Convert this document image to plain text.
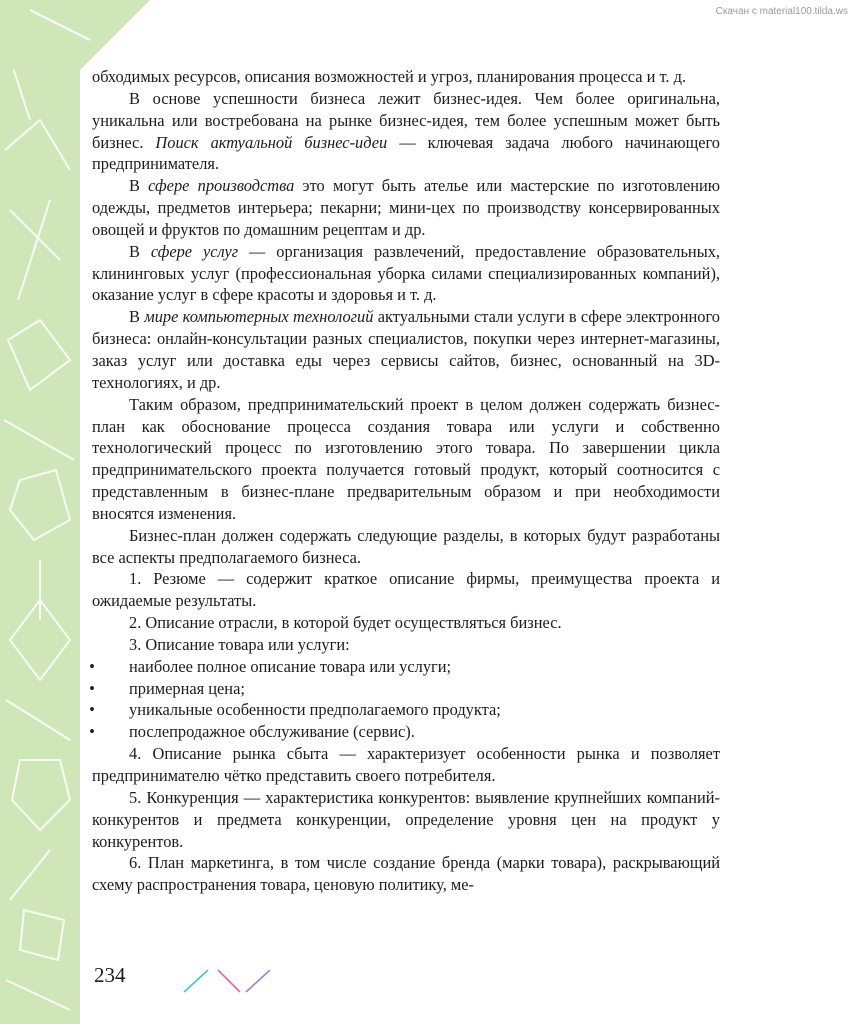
Скачан с material100.tilda.ws

обходимых ресурсов, описания возможностей и угроз, планирования процесса и т. д.

В основе успешности бизнеса лежит бизнес-идея. Чем более оригинальна, уникальна или востребована на рынке бизнес-идея, тем более успешным может быть бизнес. Поиск актуальной бизнес-идеи — ключевая задача любого начинающего предпринимателя.

В сфере производства это могут быть ателье или мастерские по изготовлению одежды, предметов интерьера; пекарни; мини-цех по производству консервированных овощей и фруктов по домашним рецептам и др.

В сфере услуг — организация развлечений, предоставление образовательных, клининговых услуг (профессиональная уборка силами специализированных компаний), оказание услуг в сфере красоты и здоровья и т. д.

В мире компьютерных технологий актуальными стали услуги в сфере электронного бизнеса: онлайн-консультации разных специалистов, покупки через интернет-магазины, заказ услуг или доставка еды через сервисы сайтов, бизнес, основанный на 3D-технологиях, и др.

Таким образом, предпринимательский проект в целом должен содержать бизнес-план как обоснование процесса создания товара или услуги и собственно технологический процесс по изготовлению этого товара. По завершении цикла предпринимательского проекта получается готовый продукт, который соотносится с представленным в бизнес-плане предварительным образом и при необходимости вносятся изменения.

Бизнес-план должен содержать следующие разделы, в которых будут разработаны все аспекты предполагаемого бизнеса.

1. Резюме — содержит краткое описание фирмы, преимущества проекта и ожидаемые результаты.

2. Описание отрасли, в которой будет осуществляться бизнес.

3. Описание товара или услуги:

• наиболее полное описание товара или услуги;
• примерная цена;
• уникальные особенности предполагаемого продукта;
• послепродажное обслуживание (сервис).

4. Описание рынка сбыта — характеризует особенности рынка и позволяет предпринимателю чётко представить своего потребителя.

5. Конкуренция — характеристика конкурентов: выявление крупнейших компаний-конкурентов и предмета конкуренции, определение уровня цен на продукт у конкурентов.

6. План маркетинга, в том числе создание бренда (марки товара), раскрывающий схему распространения товара, ценовую политику, ме-

234
